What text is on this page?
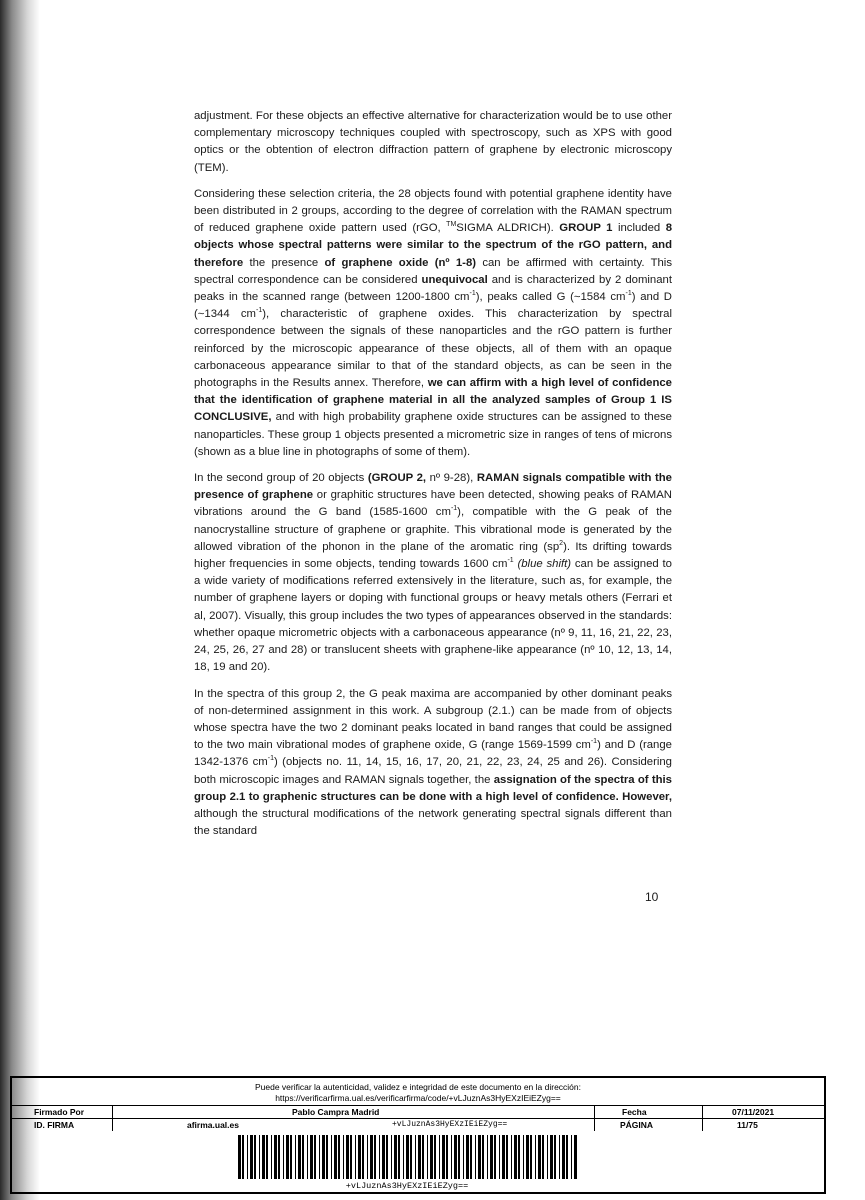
adjustment. For these objects an effective alternative for characterization would be to use other complementary microscopy techniques coupled with spectroscopy, such as XPS with good optics or the obtention of electron diffraction pattern of graphene by electronic microscopy (TEM).

Considering these selection criteria, the 28 objects found with potential graphene identity have been distributed in 2 groups, according to the degree of correlation with the RAMAN spectrum of reduced graphene oxide pattern used (rGO, ™SIGMA ALDRICH). GROUP 1 included 8 objects whose spectral patterns were similar to the spectrum of the rGO pattern, and therefore the presence of graphene oxide (nº 1-8) can be affirmed with certainty. This spectral correspondence can be considered unequivocal and is characterized by 2 dominant peaks in the scanned range (between 1200-1800 $cm^{-1}$), peaks called G (~1584 $cm^{-1}$) and D (~1344 $cm^{-1}$), characteristic of graphene oxides. This characterization by spectral correspondence between the signals of these nanoparticles and the rGO pattern is further reinforced by the microscopic appearance of these objects, all of them with an opaque carbonaceous appearance similar to that of the standard objects, as can be seen in the photographs in the Results annex. Therefore, we can affirm with a high level of confidence that the identification of graphene material in all the analyzed samples of Group 1 IS CONCLUSIVE, and with high probability graphene oxide structures can be assigned to these nanoparticles. These group 1 objects presented a micrometric size in ranges of tens of microns (shown as a blue line in photographs of some of them).

In the second group of 20 objects (GROUP 2, nº 9-28), RAMAN signals compatible with the presence of graphene or graphitic structures have been detected, showing peaks of RAMAN vibrations around the G band (1585-1600 $cm^{-1}$), compatible with the G peak of the nanocrystalline structure of graphene or graphite. This vibrational mode is generated by the allowed vibration of the phonon in the plane of the aromatic ring $(sp^2)$. Its drifting towards higher frequencies in some objects, tending towards 1600 $cm^{-1}$ (blue shift) can be assigned to a wide variety of modifications referred extensively in the literature, such as, for example, the number of graphene layers or doping with functional groups or heavy metals others (Ferrari et al, 2007). Visually, this group includes the two types of appearances observed in the standards: whether opaque micrometric objects with a carbonaceous appearance (nº 9, 11, 16, 21, 22, 23, 24, 25, 26, 27 and 28) or translucent sheets with graphene-like appearance (nº 10, 12, 13, 14, 18, 19 and 20).

In the spectra of this group 2, the G peak maxima are accompanied by other dominant peaks of non-determined assignment in this work. A subgroup (2.1.) can be made from of objects whose spectra have the two 2 dominant peaks located in band ranges that could be assigned to the two main vibrational modes of graphene oxide, G (range 1569-1599 $cm^{-1}$) and D (range 1342-1376 $cm^{-1}$) (objects no. 11, 14, 15, 16, 17, 20, 21, 22, 23, 24, 25 and 26). Considering both microscopic images and RAMAN signals together, the assignation of the spectra of this group 2.1 to graphenic structures can be done with a high level of confidence. However, although the structural modifications of the network generating spectral signals different than the standard

10
Puede verificar la autenticidad, validez e integridad de este documento en la dirección:
https://verificarfirma.ual.es/verificarfirma/code/+vLJuznAs3HyEXzIEiEZyg==
Firmado Por	Pablo Campra Madrid	Fecha	07/11/2021
ID. FIRMA	afirma.ual.es	+vLJuznAs3HyEXzIEiEZyg==	PÁGINA	11/75
+vLJuznAs3HyEXzIEiEZyg==
